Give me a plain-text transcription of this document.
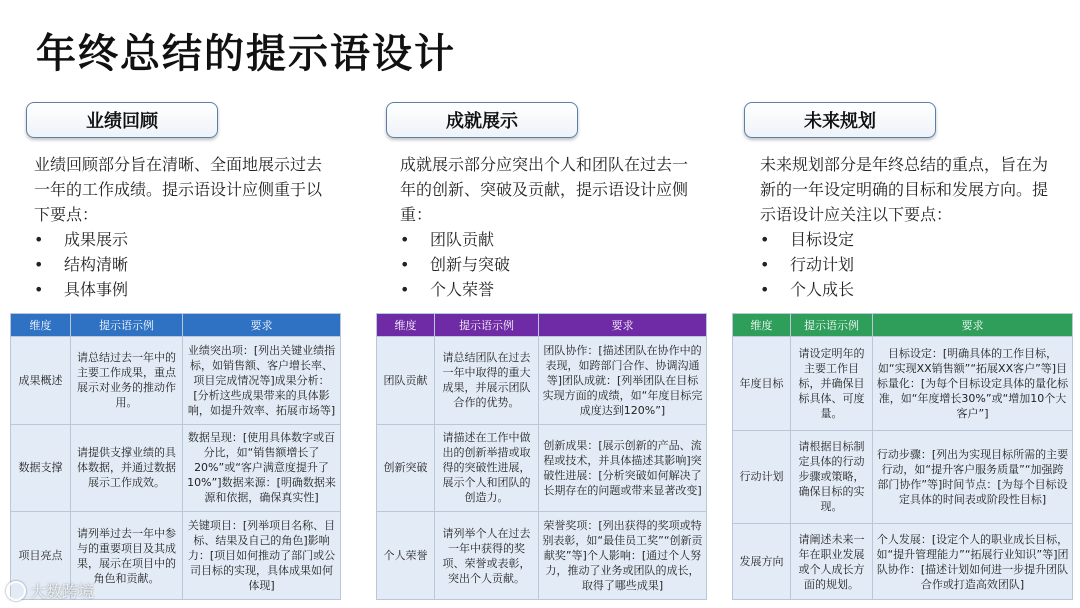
年终总结的提示语设计
业绩回顾
业绩回顾部分旨在清晰、全面地展示过去一年的工作成绩。提示语设计应侧重于以下要点：
• 成果展示
• 结构清晰
• 具体事例
维度	提示语示例	要求
成果概述	请总结过去一年中的主要工作成果，重点展示对业务的推动作用。	业绩突出项：[列出关键业绩指标，如销售额、客户增长率、项目完成情况等]成果分析：[分析这些成果带来的具体影响，如提升效率、拓展市场等]
数据支撑	请提供支撑业绩的具体数据，并通过数据展示工作成效。	数据呈现：[使用具体数字或百分比，如“销售额增长了20%”或“客户满意度提升了10%”]数据来源：[明确数据来源和依据，确保真实性]
项目亮点	请列举过去一年中参与的重要项目及其成果，展示在项目中的角色和贡献。	关键项目：[列举项目名称、目标、结果及自己的角色]影响力：[项目如何推动了部门或公司目标的实现，具体成果如何体现]
成就展示
成就展示部分应突出个人和团队在过去一年的创新、突破及贡献，提示语设计应侧重：
• 团队贡献
• 创新与突破
• 个人荣誉
维度	提示语示例	要求
团队贡献	请总结团队在过去一年中取得的重大成果，并展示团队合作的优势。	团队协作：[描述团队在协作中的表现，如跨部门合作、协调沟通等]团队成就：[列举团队在目标实现方面的成绩，如“年度目标完成度达到120%”]
创新突破	请描述在工作中做出的创新举措或取得的突破性进展，展示个人和团队的创造力。	创新成果：[展示创新的产品、流程或技术，并具体描述其影响]突破性进展：[分析突破如何解决了长期存在的问题或带来显著改变]
个人荣誉	请列举个人在过去一年中获得的奖项、荣誉或表彰，突出个人贡献。	荣誉奖项：[列出获得的奖项或特别表彰，如“最佳员工奖”“创新贡献奖”等]个人影响：[通过个人努力，推动了业务或团队的成长，取得了哪些成果]
未来规划
未来规划部分是年终总结的重点，旨在为新的一年设定明确的目标和发展方向。提示语设计应关注以下要点：
• 目标设定
• 行动计划
• 个人成长
维度	提示语示例	要求
年度目标	请设定明年的主要工作目标，并确保目标具体、可度量。	目标设定：[明确具体的工作目标，如“实现XX销售额”“拓展XX客户”等]目标量化：[为每个目标设定具体的量化标准，如“年度增长30%”或“增加10个大客户”]
行动计划	请根据目标制定具体的行动步骤或策略，确保目标的实现。	行动步骤：[列出为实现目标所需的主要行动，如“提升客户服务质量”“加强跨部门协作”等]时间节点：[为每个目标设定具体的时间表或阶段性目标]
发展方向	请阐述未来一年在职业发展或个人成长方面的规划。	个人发展：[设定个人的职业成长目标，如“提升管理能力”“拓展行业知识”等]团队协作：[描述计划如何进一步提升团队合作或打造高效团队]
大数跨境
